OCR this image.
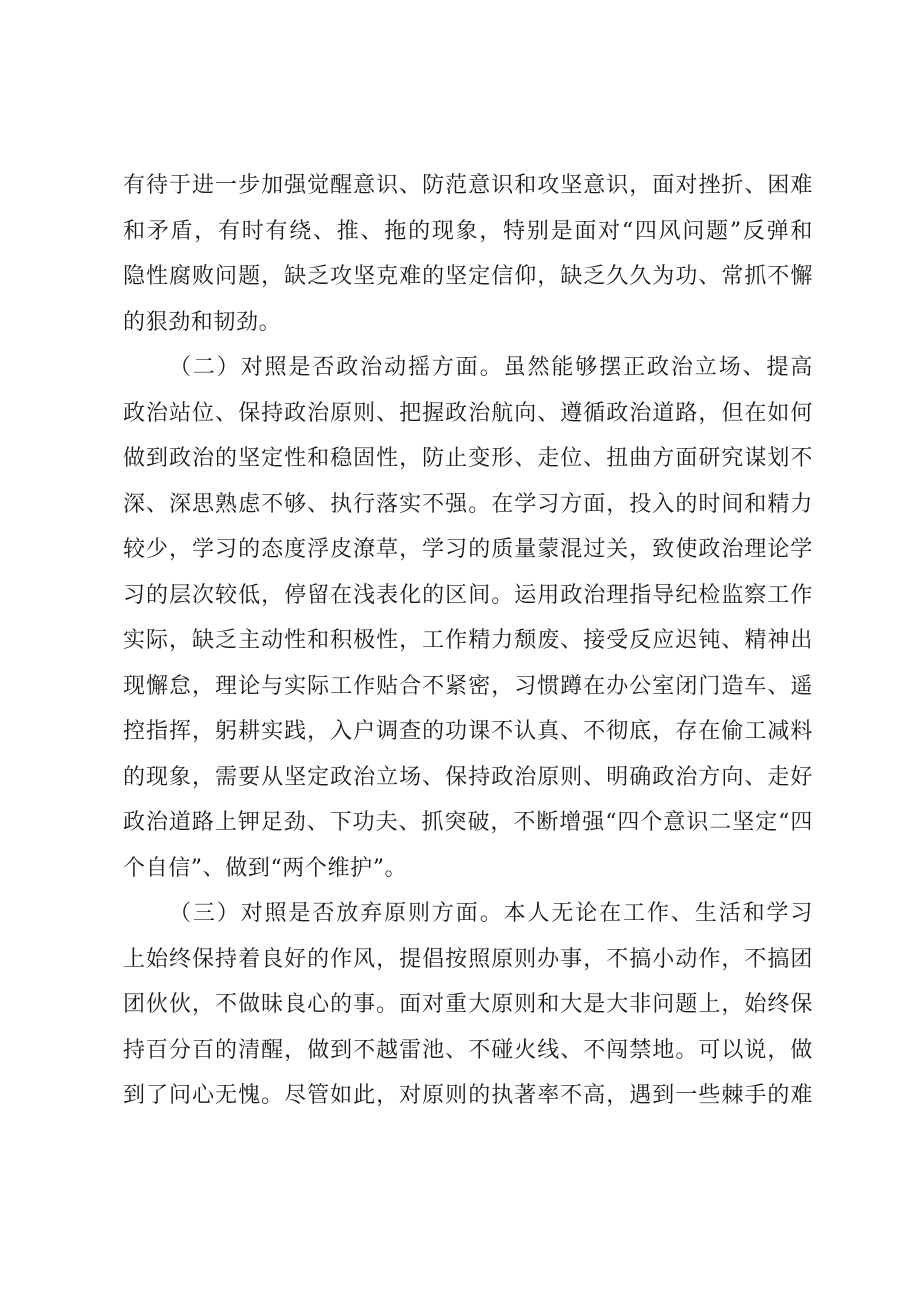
有待于进一步加强觉醒意识、防范意识和攻坚意识，面对挫折、困难
和矛盾，有时有绕、推、拖的现象，特别是面对“四风问题”反弹和
隐性腐败问题，缺乏攻坚克难的坚定信仰，缺乏久久为功、常抓不懈
的狠劲和韧劲。
（二）对照是否政治动摇方面。虽然能够摆正政治立场、提高
政治站位、保持政治原则、把握政治航向、遵循政治道路，但在如何
做到政治的坚定性和稳固性，防止变形、走位、扭曲方面研究谋划不
深、深思熟虑不够、执行落实不强。在学习方面，投入的时间和精力
较少，学习的态度浮皮潦草，学习的质量蒙混过关，致使政治理论学
习的层次较低，停留在浅表化的区间。运用政治理指导纪检监察工作
实际，缺乏主动性和积极性，工作精力颓废、接受反应迟钝、精神出
现懈怠，理论与实际工作贴合不紧密，习惯蹲在办公室闭门造车、遥
控指挥，躬耕实践，入户调查的功课不认真、不彻底，存在偷工减料
的现象，需要从坚定政治立场、保持政治原则、明确政治方向、走好
政治道路上钾足劲、下功夫、抓突破，不断增强“四个意识二坚定“四
个自信”、做到“两个维护”。
（三）对照是否放弃原则方面。本人无论在工作、生活和学习
上始终保持着良好的作风，提倡按照原则办事，不搞小动作，不搞团
团伙伙，不做昧良心的事。面对重大原则和大是大非问题上，始终保
持百分百的清醒，做到不越雷池、不碰火线、不闯禁地。可以说，做
到了问心无愧。尽管如此，对原则的执著率不高，遇到一些棘手的难
